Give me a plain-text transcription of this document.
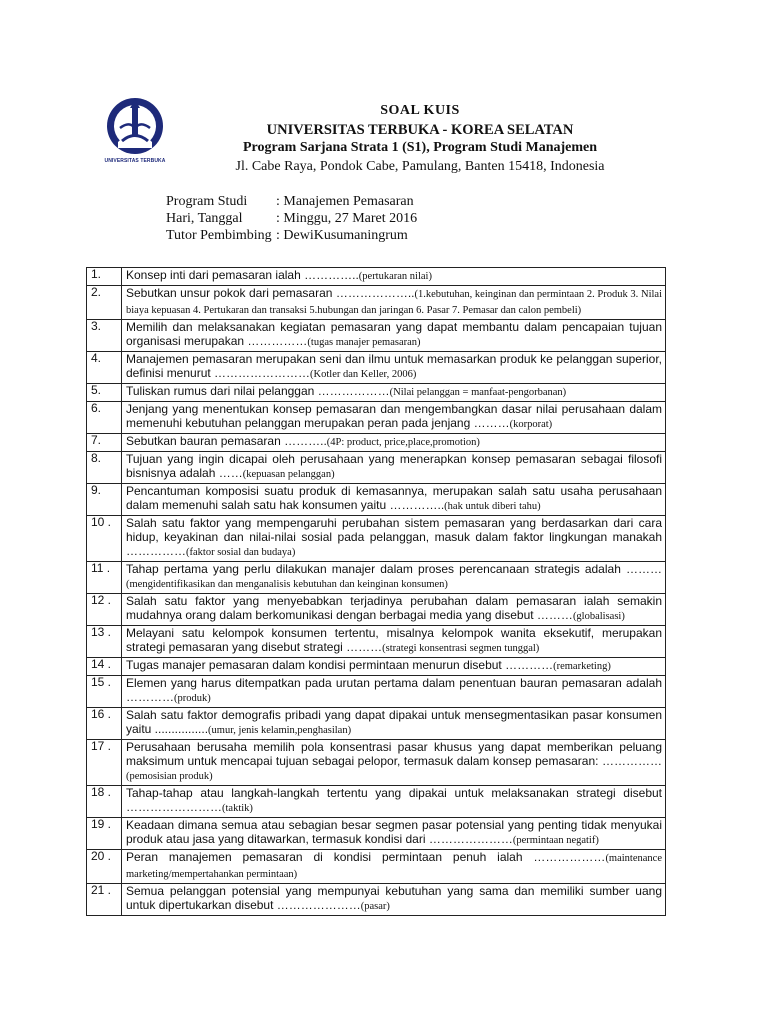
UNIVERSITAS TERBUKA
SOAL KUIS
UNIVERSITAS TERBUKA - KOREA SELATAN
Program Sarjana Strata 1 (S1), Program Studi Manajemen
Jl. Cabe Raya, Pondok Cabe, Pamulang, Banten 15418, Indonesia
Program Studi	: Manajemen Pemasaran
Hari, Tanggal	: Minggu, 27 Maret 2016
Tutor Pembimbing : DewiKusumaningrum
1.	Konsep inti dari pemasaran ialah …………..(pertukaran nilai)
2.	Sebutkan unsur pokok dari pemasaran ………………..(1.kebutuhan, keinginan dan permintaan 2. Produk 3. Nilai biaya kepuasan 4. Pertukaran dan transaksi 5.hubungan dan jaringan 6. Pasar 7. Pemasar dan calon pembeli)
3.	Memilih dan melaksanakan kegiatan pemasaran yang dapat membantu dalam pencapaian tujuan organisasi merupakan ……………(tugas manajer pemasaran)
4.	Manajemen pemasaran merupakan seni dan ilmu untuk memasarkan produk ke pelanggan superior, definisi menurut ……………………(Kotler dan Keller, 2006)
5.	Tuliskan rumus dari nilai pelanggan ………………(Nilai pelanggan = manfaat-pengorbanan)
6.	Jenjang yang menentukan konsep pemasaran dan mengembangkan dasar nilai perusahaan dalam memenuhi kebutuhan pelanggan merupakan peran pada jenjang ………(korporat)
7.	Sebutkan bauran pemasaran ………..(4P: product, price,place,promotion)
8.	Tujuan yang ingin dicapai oleh perusahaan yang menerapkan konsep pemasaran sebagai filosofi bisnisnya adalah ……(kepuasan pelanggan)
9.	Pencantuman komposisi suatu produk di kemasannya, merupakan salah satu usaha perusahaan dalam memenuhi salah satu hak konsumen yaitu …………..(hak untuk diberi tahu)
10 .	Salah satu faktor yang mempengaruhi perubahan sistem pemasaran yang berdasarkan dari cara hidup, keyakinan dan nilai-nilai sosial pada pelanggan, masuk dalam faktor lingkungan manakah ……………(faktor sosial dan budaya)
11 .	Tahap pertama yang perlu dilakukan manajer dalam proses perencanaan strategis adalah ………(mengidentifikasikan dan menganalisis kebutuhan dan keinginan konsumen)
12 .	Salah satu faktor yang menyebabkan terjadinya perubahan dalam pemasaran ialah semakin mudahnya orang dalam berkomunikasi dengan berbagai media yang disebut ………(globalisasi)
13 .	Melayani satu kelompok konsumen tertentu, misalnya kelompok wanita eksekutif, merupakan strategi pemasaran yang disebut strategi ………(strategi konsentrasi segmen tunggal)
14 .	Tugas manajer pemasaran dalam kondisi permintaan menurun disebut …………(remarketing)
15 .	Elemen yang harus ditempatkan pada urutan pertama dalam penentuan bauran pemasaran adalah …………(produk)
16 .	Salah satu faktor demografis pribadi yang dapat dipakai untuk mensegmentasikan pasar konsumen yaitu ................(umur, jenis kelamin,penghasilan)
17 .	Perusahaan berusaha memilih pola konsentrasi pasar khusus yang dapat memberikan peluang maksimum untuk mencapai tujuan sebagai pelopor, termasuk dalam konsep pemasaran: ……………(pemosisian produk)
18 .	Tahap-tahap atau langkah-langkah tertentu yang dipakai untuk melaksanakan strategi disebut ……………………(taktik)
19 .	Keadaan dimana semua atau sebagian besar segmen pasar potensial yang penting tidak menyukai produk atau jasa yang ditawarkan, termasuk kondisi dari …………………(permintaan negatif)
20 .	Peran manajemen pemasaran di kondisi permintaan penuh ialah ………………(maintenance marketing/mempertahankan permintaan)
21 .	Semua pelanggan potensial yang mempunyai kebutuhan yang sama dan memiliki sumber uang untuk dipertukarkan disebut …………………(pasar)
